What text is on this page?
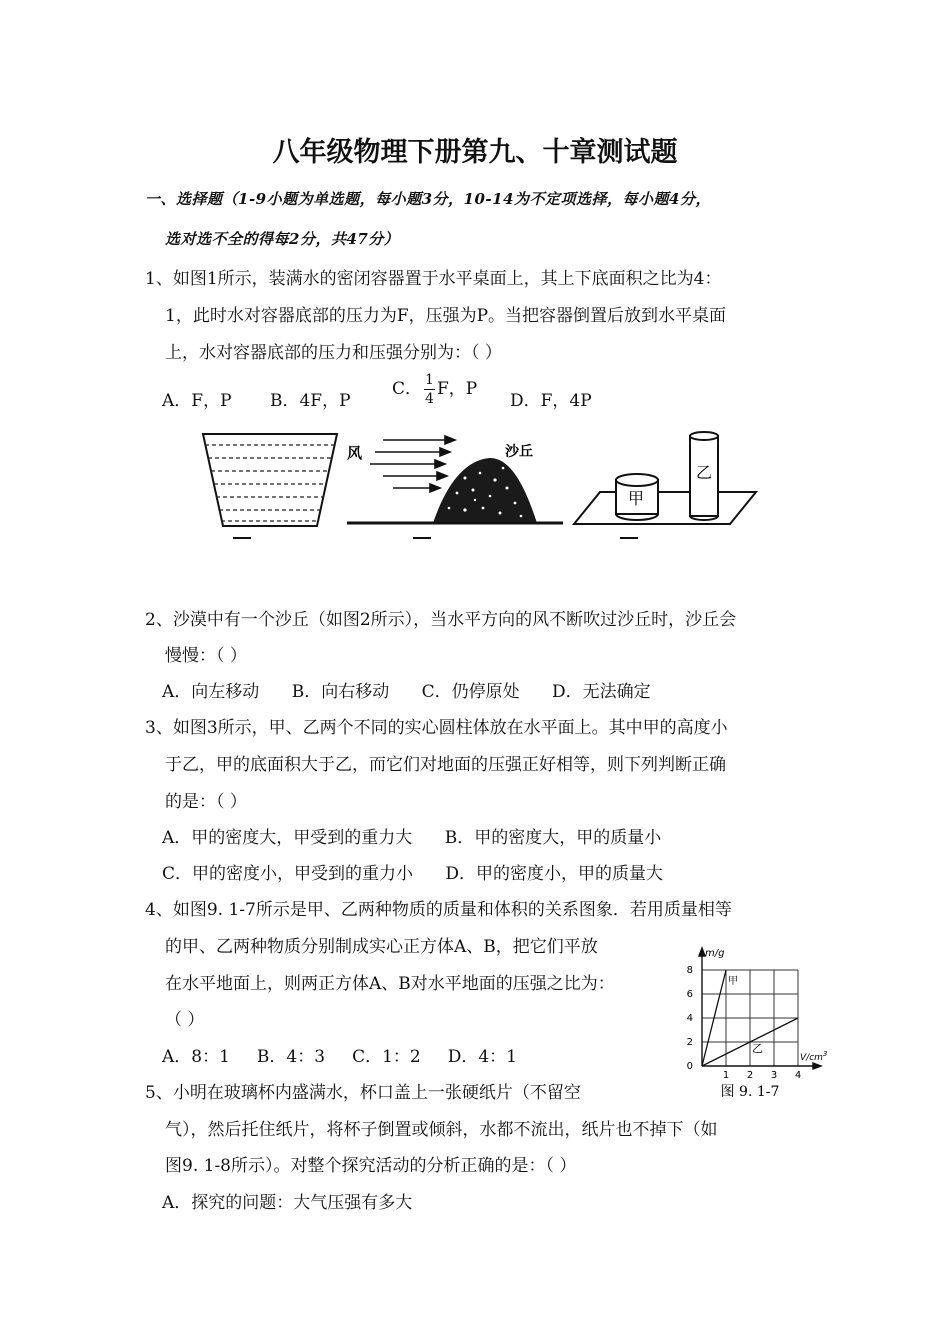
八年级物理下册第九、十章测试题
一、选择题（1-9小题为单选题，每小题3分，10-14为不定项选择，每小题4分，
选对选不全的得每2分，共47分）
1、如图1所示，装满水的密闭容器置于水平桌面上，其上下底面积之比为4：
1，此时水对容器底部的压力为F，压强为P。当把容器倒置后放到水平桌面
上，水对容器底部的压力和压强分别为：（ ）
A．F，P B．4F，P
C． $\frac{1}{4}$ F，P
D．F，4P
风	沙丘
甲
乙
2、沙漠中有一个沙丘（如图2所示），当水平方向的风不断吹过沙丘时，沙丘会
慢慢：（ ）
A．向左移动      B．向右移动      C．仍停原处      D．无法确定
3、如图3所示，甲、乙两个不同的实心圆柱体放在水平面上。其中甲的高度小
于乙，甲的底面积大于乙，而它们对地面的压强正好相等，则下列判断正确
的是：（ ）
A．甲的密度大，甲受到的重力大      B．甲的密度大，甲的质量小
C．甲的密度小，甲受到的重力小      D．甲的密度小，甲的质量大
4、如图9. 1-7所示是甲、乙两种物质的质量和体积的关系图象．若用质量相等
的甲、乙两种物质分别制成实心正方体A、B，把它们平放
在水平地面上，则两正方体A、B对水平地面的压强之比为：
（ ）
A．8：1     B．4：3     C．1：2     D．4：1
m/g
$V/cm^3$
甲
乙
8
6
4
2
0
1 2 3 4
图 9. 1-7
5、小明在玻璃杯内盛满水，杯口盖上一张硬纸片（不留空
气），然后托住纸片，将杯子倒置或倾斜，水都不流出，纸片也不掉下（如
图9. 1-8所示）。对整个探究活动的分析正确的是：（ ）
A．探究的问题：大气压强有多大
